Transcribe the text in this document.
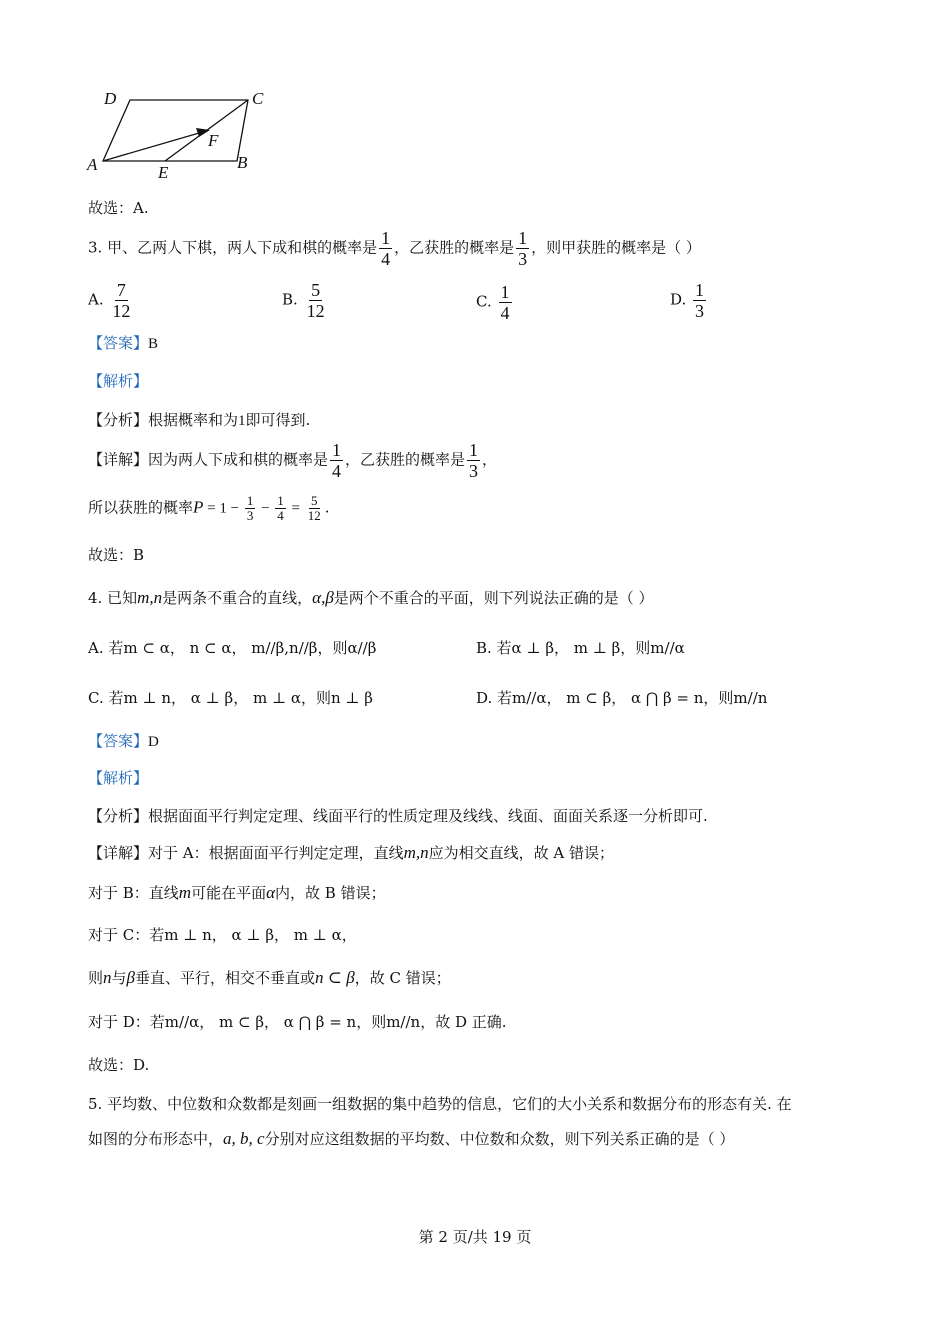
D	C
A	B
E
F
故选：A.
3. 甲、乙两人下棋，两人下成和棋的概率是 $\frac{1}{4}$ ，乙获胜的概率是 $\frac{1}{3}$ ，则甲获胜的概率是（ ）
A. $\frac{7}{12}$	B. $\frac{5}{12}$	C. $\frac{1}{4}$	D. $\frac{1}{3}$
【答案】B
【解析】
【分析】根据概率和为1即可得到.
【详解】因为两人下成和棋的概率是 $\frac{1}{4}$ ，乙获胜的概率是 $\frac{1}{3}$ ，
所以获胜的概率$P = 1 - \frac{1}{3} - \frac{1}{4} = \frac{5}{12}$ .
故选：B
4. 已知m,n是两条不重合的直线，α,β是两个不重合的平面，则下列说法正确的是（ ）
A. 若m ⊂ α， n ⊂ α， m//β,n//β，则α//β	B. 若α ⊥ β， m ⊥ β，则m//α
C. 若m ⊥ n， α ⊥ β， m ⊥ α，则n ⊥ β	D. 若m//α， m ⊂ β， α ⋂ β = n，则m//n
【答案】D
【解析】
【分析】根据面面平行判定定理、线面平行的性质定理及线线、线面、面面关系逐一分析即可.
【详解】对于 A：根据面面平行判定定理，直线m,n应为相交直线，故 A 错误；
对于 B：直线m可能在平面α内，故 B 错误；
对于 C：若m ⊥ n， α ⊥ β， m ⊥ α，
则n与β垂直、平行，相交不垂直或n ⊂ β，故 C 错误；
对于 D：若m//α， m ⊂ β， α ⋂ β = n，则m//n，故 D 正确.
故选：D.
5. 平均数、中位数和众数都是刻画一组数据的集中趋势的信息，它们的大小关系和数据分布的形态有关. 在
如图的分布形态中，a, b, c分别对应这组数据的平均数、中位数和众数，则下列关系正确的是（ ）
第 2 页/共 19 页
